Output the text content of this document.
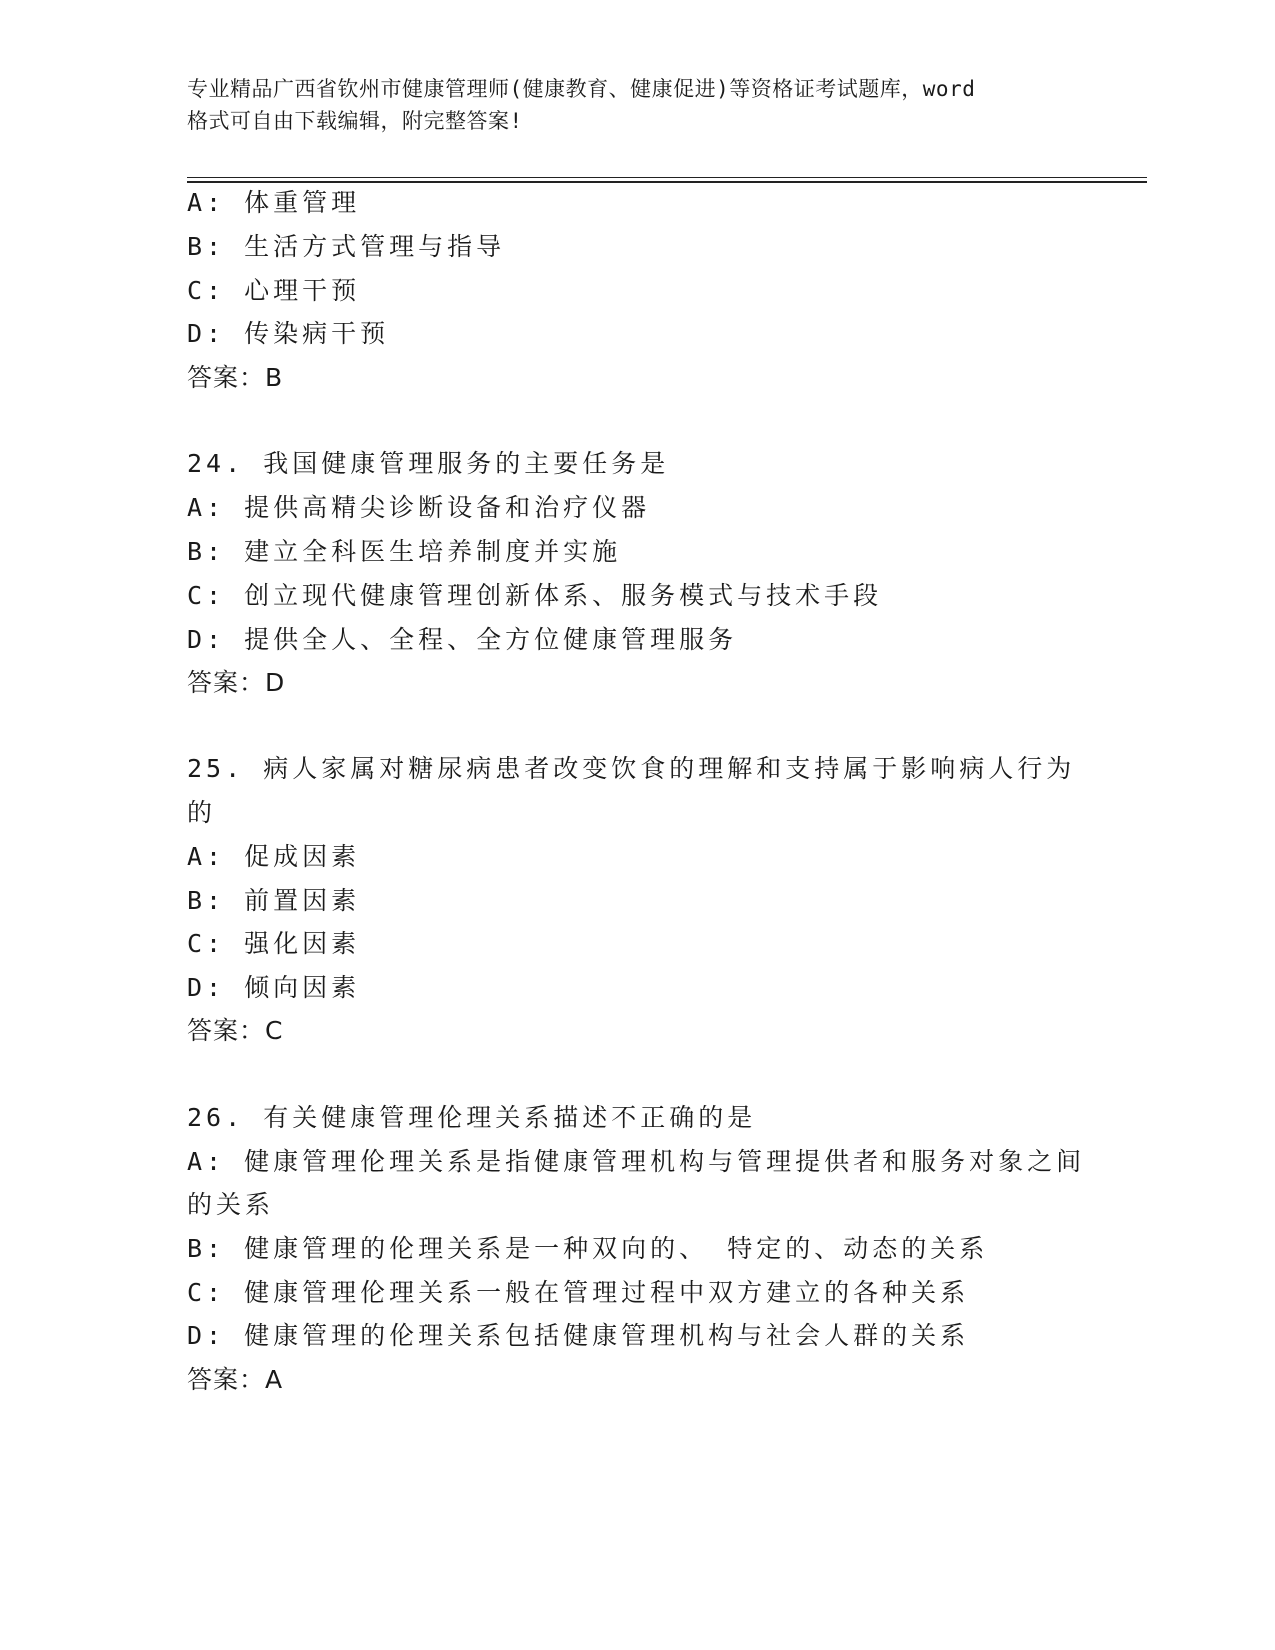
专业精品广西省钦州市健康管理师(健康教育、健康促进)等资格证考试题库，word
格式可自由下载编辑，附完整答案!
A: 体重管理
B: 生活方式管理与指导
C: 心理干预
D: 传染病干预
答案：B
24. 我国健康管理服务的主要任务是
A: 提供高精尖诊断设备和治疗仪器
B: 建立全科医生培养制度并实施
C: 创立现代健康管理创新体系、服务模式与技术手段
D: 提供全人、全程、全方位健康管理服务
答案：D
25. 病人家属对糖尿病患者改变饮食的理解和支持属于影响病人行为
的
A: 促成因素
B: 前置因素
C: 强化因素
D: 倾向因素
答案：C
26. 有关健康管理伦理关系描述不正确的是
A: 健康管理伦理关系是指健康管理机构与管理提供者和服务对象之间
的关系
B: 健康管理的伦理关系是一种双向的、 特定的、动态的关系
C: 健康管理伦理关系一般在管理过程中双方建立的各种关系
D: 健康管理的伦理关系包括健康管理机构与社会人群的关系
答案：A
